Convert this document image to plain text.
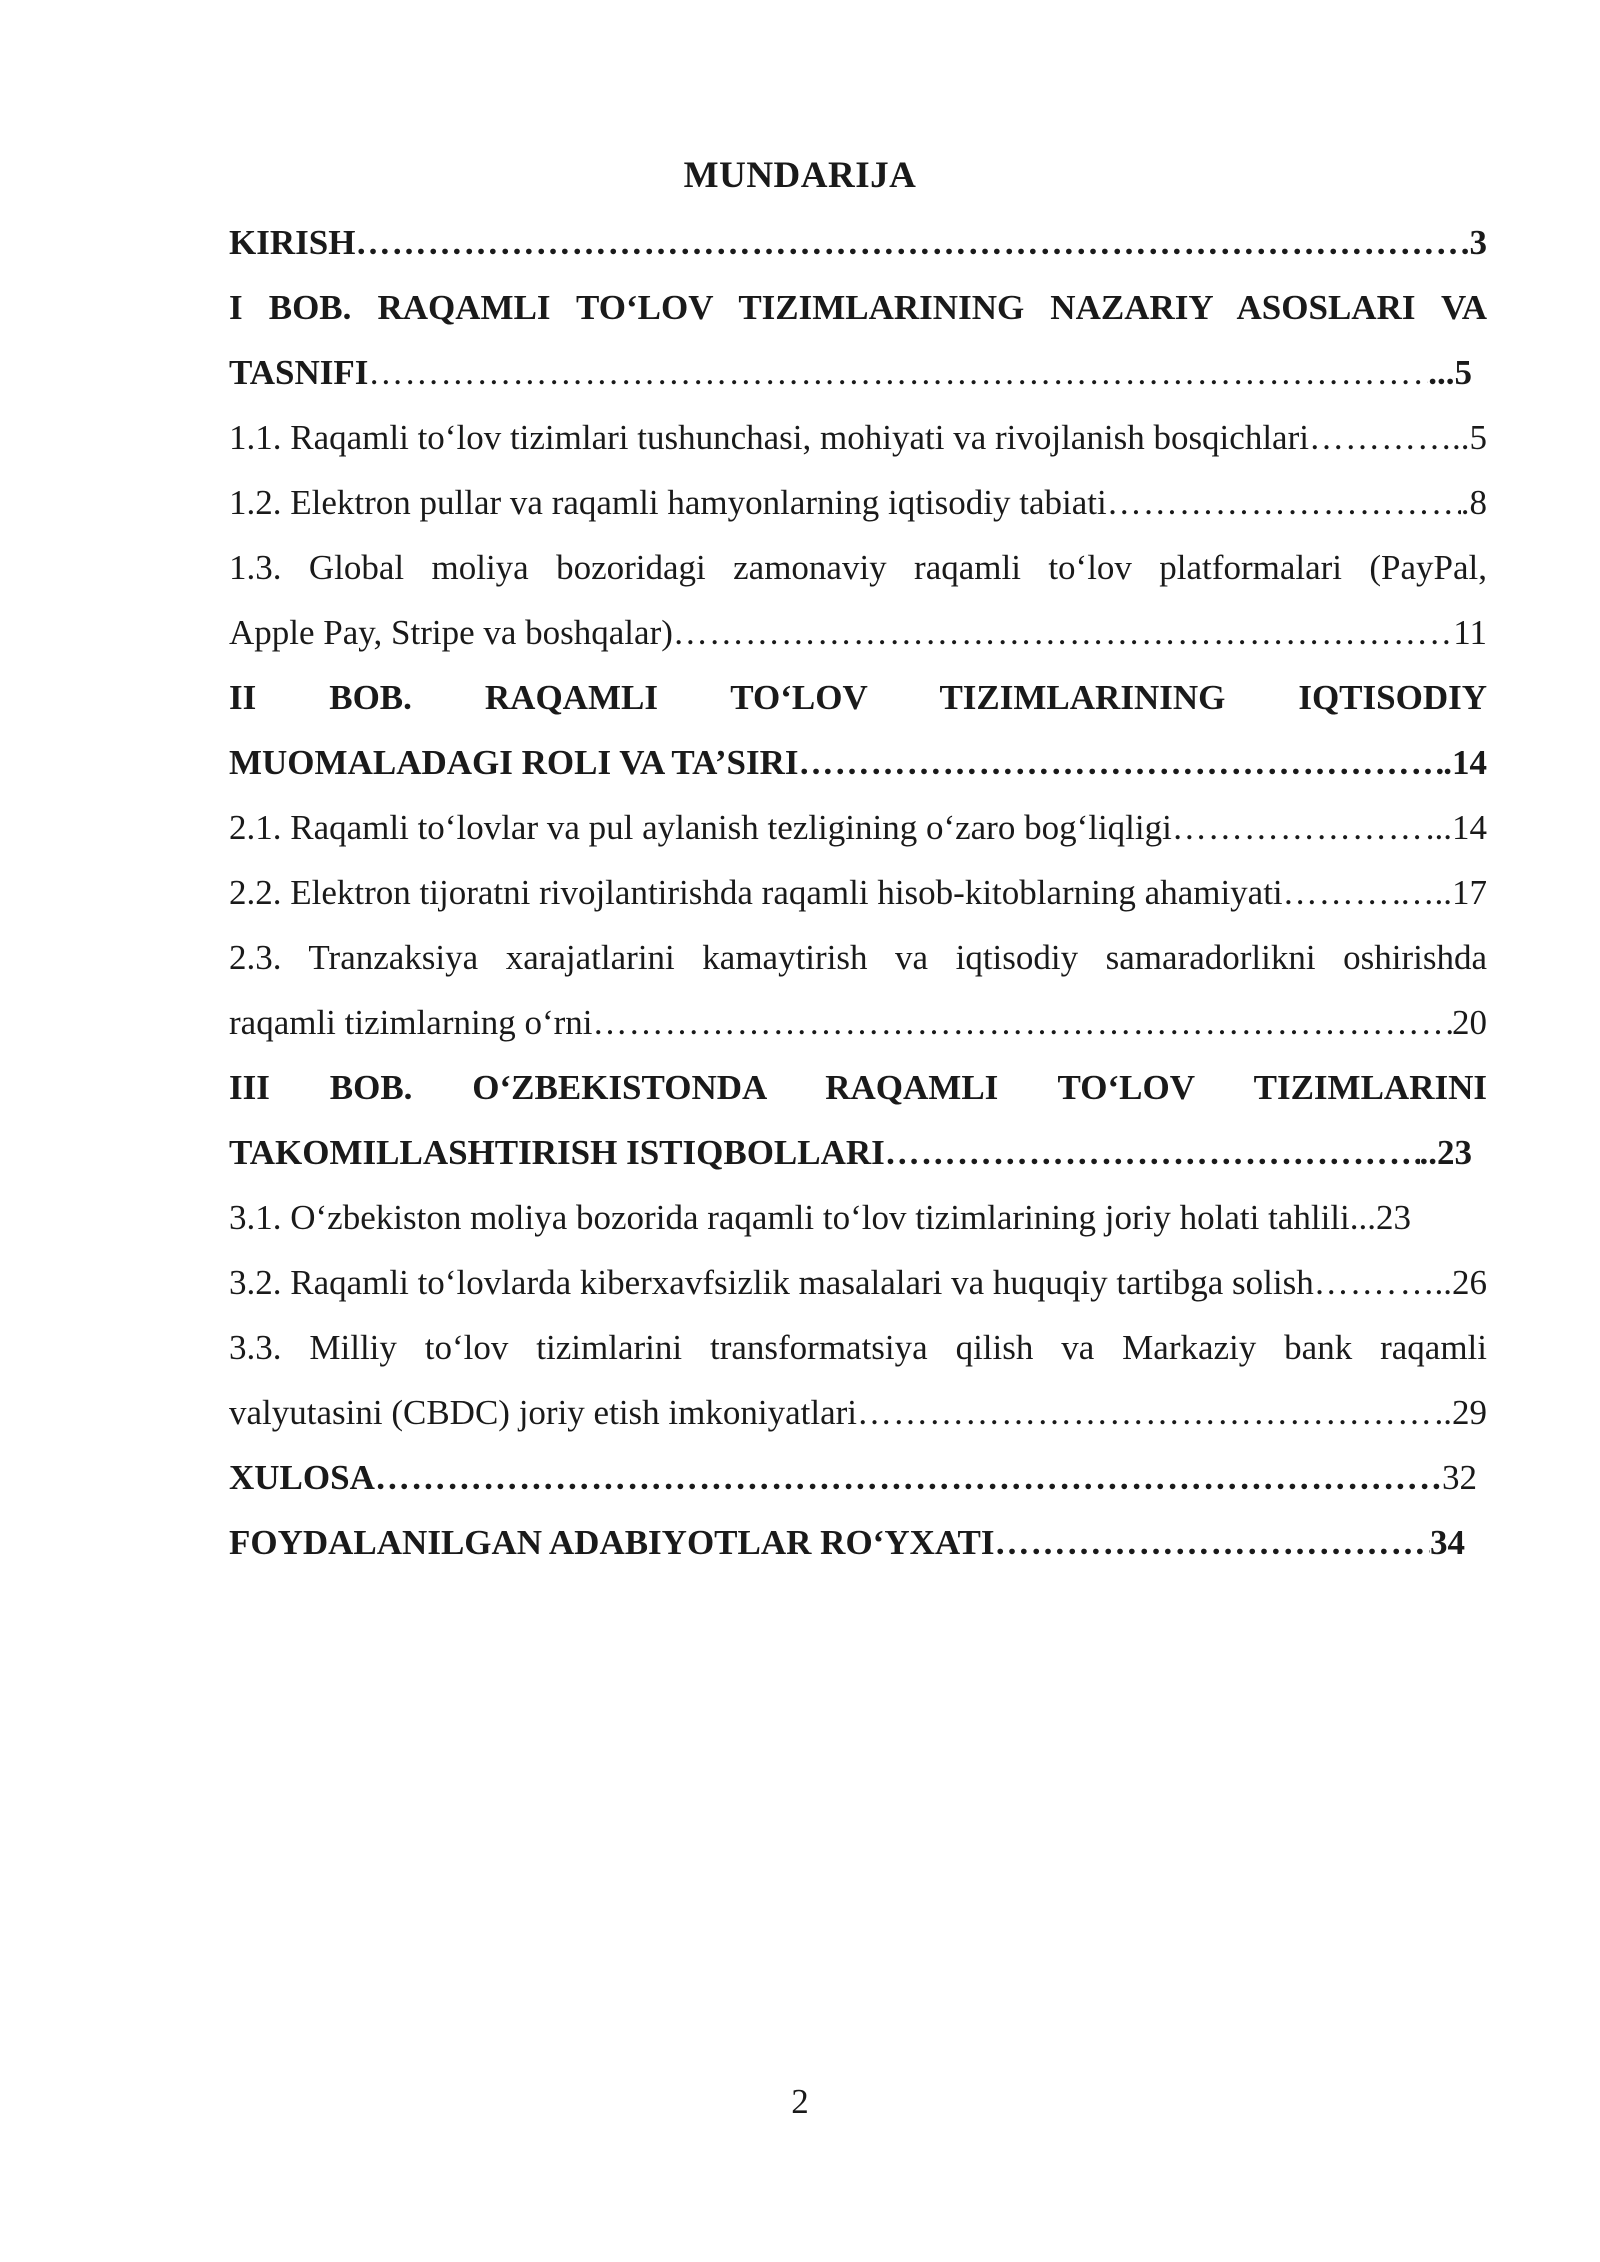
MUNDARIJA
KIRISH ……………………………………………………………………………………………………………………………………………………………………	.3
I BOB. RAQAMLI TO‘LOV TIZIMLARINING NAZARIY ASOSLARI VA
TASNIFI ……………………………………………………………………………………………………………………………………………………………………	...5
1.1. Raqamli to‘lov tizimlari tushunchasi, mohiyati va rivojlanish bosqichlari ……………………………………………………………………………………………………………………………………………………………………	…..5
1.2. Elektron pullar va raqamli hamyonlarning iqtisodiy tabiati ……………………………………………………………………………………………………………………………………………………………………	.8
1.3. Global moliya bozoridagi zamonaviy raqamli to‘lov platformalari (PayPal,
Apple Pay, Stripe va boshqalar) ……………………………………………………………………………………………………………………………………………………………………	11
II BOB. RAQAMLI TO‘LOV TIZIMLARINING IQTISODIY
MUOMALADAGI ROLI VA TA’SIRI ……………………………………………………………………………………………………………………………………………………………………	.14
2.1. Raqamli to‘lovlar va pul aylanish tezligining o‘zaro bog‘liqligi ……………………………………………………………………………………………………………………………………………………………………	...14
2.2. Elektron tijoratni rivojlantirishda raqamli hisob-kitoblarning ahamiyati ……………………………………………………………………………………………………………………………………………………………………	…..17
2.3. Tranzaksiya xarajatlarini kamaytirish va iqtisodiy samaradorlikni oshirishda
raqamli tizimlarning o‘rni ……………………………………………………………………………………………………………………………………………………………………	20
III BOB. O‘ZBEKISTONDA RAQAMLI TO‘LOV TIZIMLARINI
TAKOMILLASHTIRISH ISTIQBOLLARI ……………………………………………………………………………………………………………………………………………………………………	..23
3.1. O‘zbekiston moliya bozorida raqamli to‘lov tizimlarining joriy holati tahlili ...23
3.2. Raqamli to‘lovlarda kiberxavfsizlik masalalari va huquqiy tartibga solish …………………………………………………………………………………………………………………………………………………………………… …..26
3.3. Milliy to‘lov tizimlarini transformatsiya qilish va Markaziy bank raqamli
valyutasini (CBDC) joriy etish imkoniyatlari ……………………………………………………………………………………………………………………………………………………………………	..29
XULOSA ……………………………………………………………………………………………………………………………………………………………………	32
FOYDALANILGAN ADABIYOTLAR RO‘YXATI ……………………………………………………………………………………………………………………………………………………………………	34
2
